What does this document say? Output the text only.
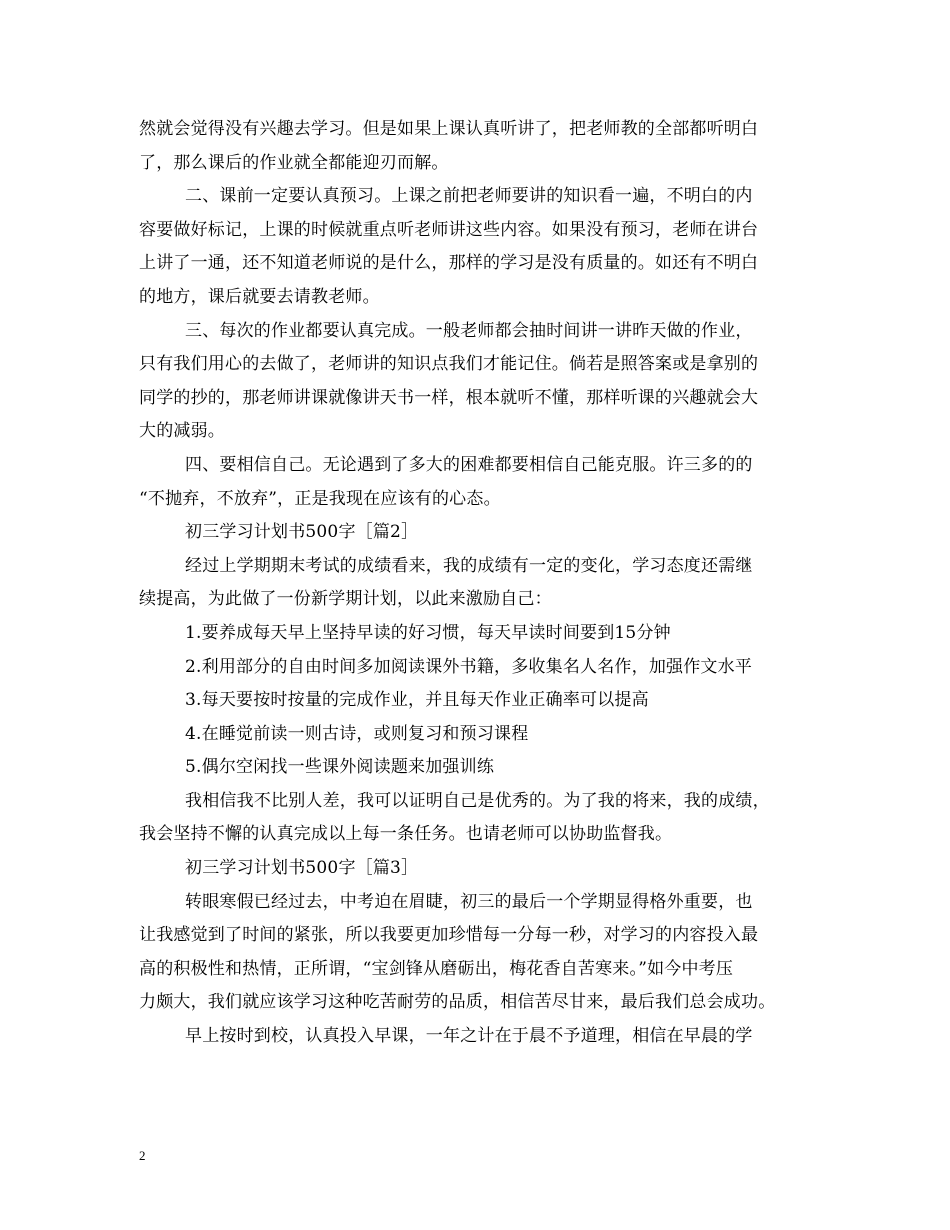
然就会觉得没有兴趣去学习。但是如果上课认真听讲了，把老师教的全部都听明白
了，那么课后的作业就全都能迎刃而解。
二、课前一定要认真预习。上课之前把老师要讲的知识看一遍，不明白的内
容要做好标记，上课的时候就重点听老师讲这些内容。如果没有预习，老师在讲台
上讲了一通，还不知道老师说的是什么，那样的学习是没有质量的。如还有不明白
的地方，课后就要去请教老师。
三、每次的作业都要认真完成。一般老师都会抽时间讲一讲昨天做的作业，
只有我们用心的去做了，老师讲的知识点我们才能记住。倘若是照答案或是拿别的
同学的抄的，那老师讲课就像讲天书一样，根本就听不懂，那样听课的兴趣就会大
大的减弱。
四、要相信自己。无论遇到了多大的困难都要相信自己能克服。许三多的的
“不抛弃，不放弃”，正是我现在应该有的心态。
初三学习计划书500字［篇2］
经过上学期期末考试的成绩看来，我的成绩有一定的变化，学习态度还需继
续提高，为此做了一份新学期计划，以此来激励自己：
1.要养成每天早上坚持早读的好习惯，每天早读时间要到15分钟
2.利用部分的自由时间多加阅读课外书籍，多收集名人名作，加强作文水平
3.每天要按时按量的完成作业，并且每天作业正确率可以提高
4.在睡觉前读一则古诗，或则复习和预习课程
5.偶尔空闲找一些课外阅读题来加强训练
我相信我不比别人差，我可以证明自己是优秀的。为了我的将来，我的成绩，
我会坚持不懈的认真完成以上每一条任务。也请老师可以协助监督我。
初三学习计划书500字［篇3］
转眼寒假已经过去，中考迫在眉睫，初三的最后一个学期显得格外重要，也
让我感觉到了时间的紧张，所以我要更加珍惜每一分每一秒，对学习的内容投入最
高的积极性和热情，正所谓，“宝剑锋从磨砺出，梅花香自苦寒来。”如今中考压
力颇大，我们就应该学习这种吃苦耐劳的品质，相信苦尽甘来，最后我们总会成功。
早上按时到校，认真投入早课，一年之计在于晨不予道理，相信在早晨的学
2
